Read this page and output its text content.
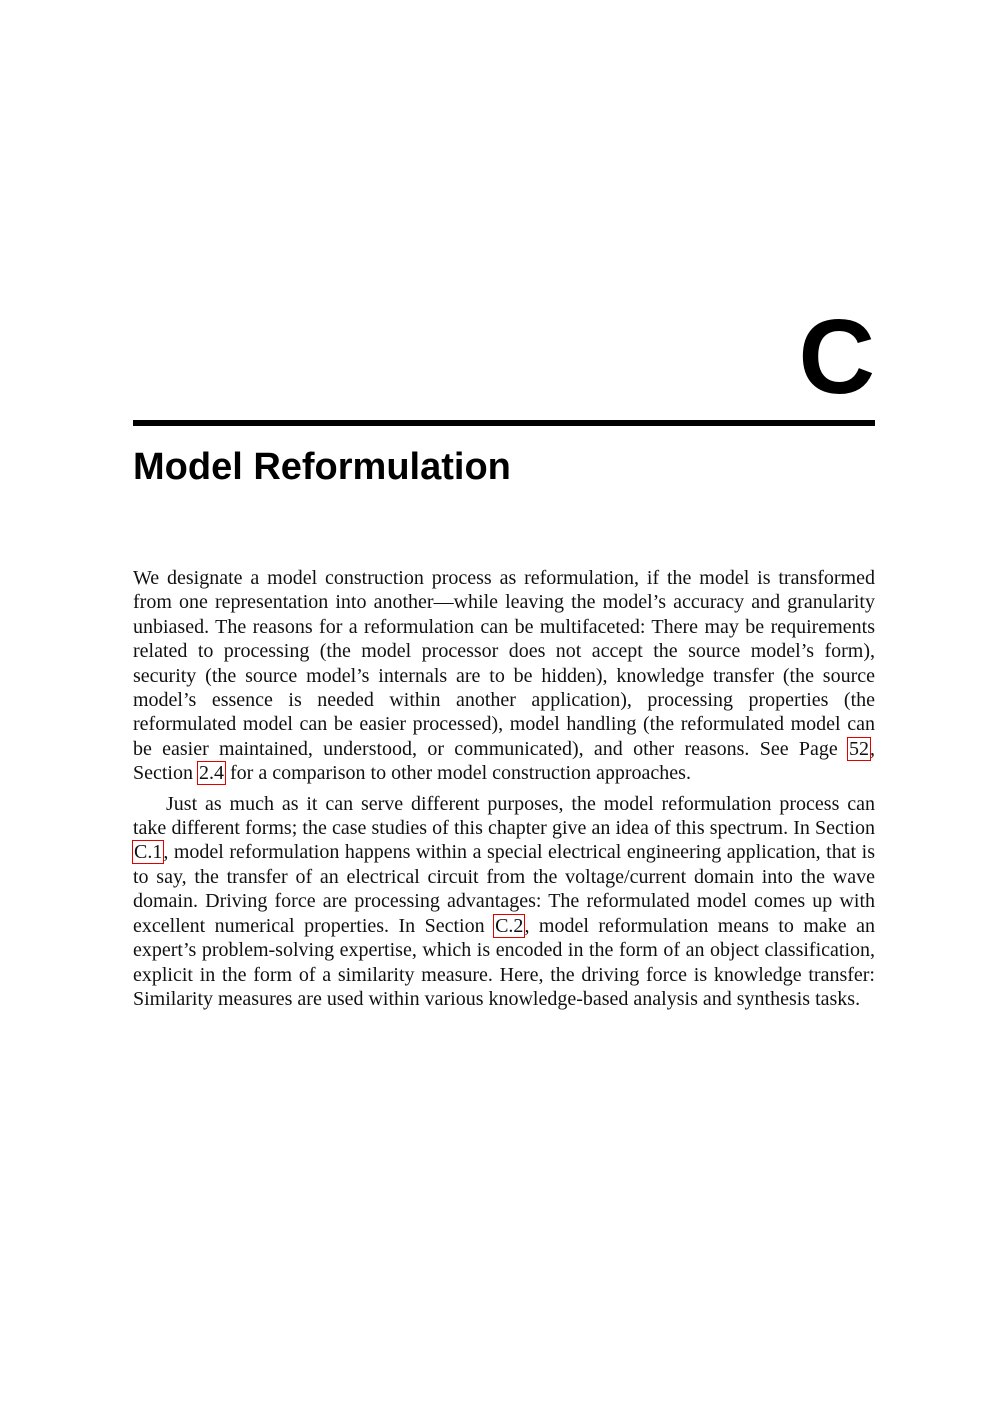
C
Model Reformulation

We designate a model construction process as reformulation, if the model is transformed from one representation into another—while leaving the model’s accuracy and granularity unbiased. The reasons for a reformulation can be multifaceted: There may be requirements related to processing (the model processor does not accept the source model’s form), security (the source model’s internals are to be hidden), knowledge transfer (the source model’s essence is needed within another application), processing properties (the reformulated model can be easier processed), model handling (the reformulated model can be easier maintained, understood, or communicated), and other reasons. See Page 52, Section 2.4 for a comparison to other model construction approaches.

Just as much as it can serve different purposes, the model reformulation process can take different forms; the case studies of this chapter give an idea of this spectrum. In Section C.1, model reformulation happens within a special electrical engineering application, that is to say, the transfer of an electrical circuit from the voltage/current domain into the wave domain. Driving force are processing advantages: The reformulated model comes up with excellent numerical properties. In Section C.2, model reformulation means to make an expert’s problem-solving expertise, which is encoded in the form of an object classification, explicit in the form of a similarity measure. Here, the driving force is knowledge transfer: Similarity measures are used within various knowledge-based analysis and synthesis tasks.
